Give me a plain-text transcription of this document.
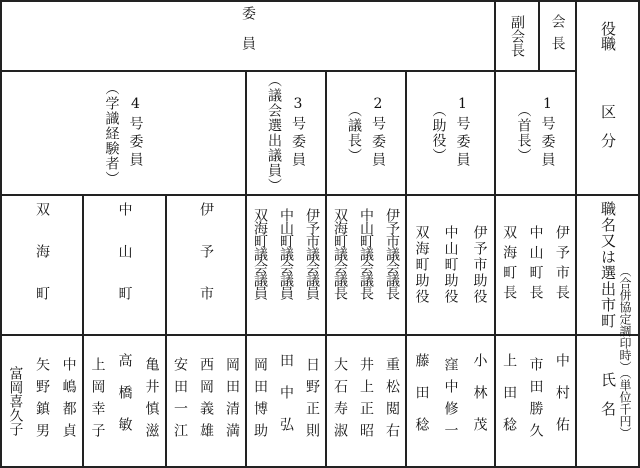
役職
区分
職名又は選出市町
氏名 （合併協定調印時）（単位千円）
会長
副会長
委員
1号委員
（首長）
1号委員
（助役）
2号委員
（議長）
3号委員
（議会選出議員）
4号委員
（学識経験者）
伊予市長
中山町長
双海町長
伊予市助役
中山町助役
双海町助役
伊予市議会議長
中山町議会議長
双海町議会議長
伊予市議会議員
中山町議会議員
双海町議会議員
伊予市
中山町
双海町
中村佑
市田勝久
上田稔
小林茂
窪中修一
藤田稔
重松閲右
井上正昭
大石寿淑
日野正則
田中弘
岡田博助
岡田清満
西岡義雄
安田一江
亀井慎滋
高橋敏
上岡幸子
中嶋都貞
矢野鎮男
富岡喜久子
